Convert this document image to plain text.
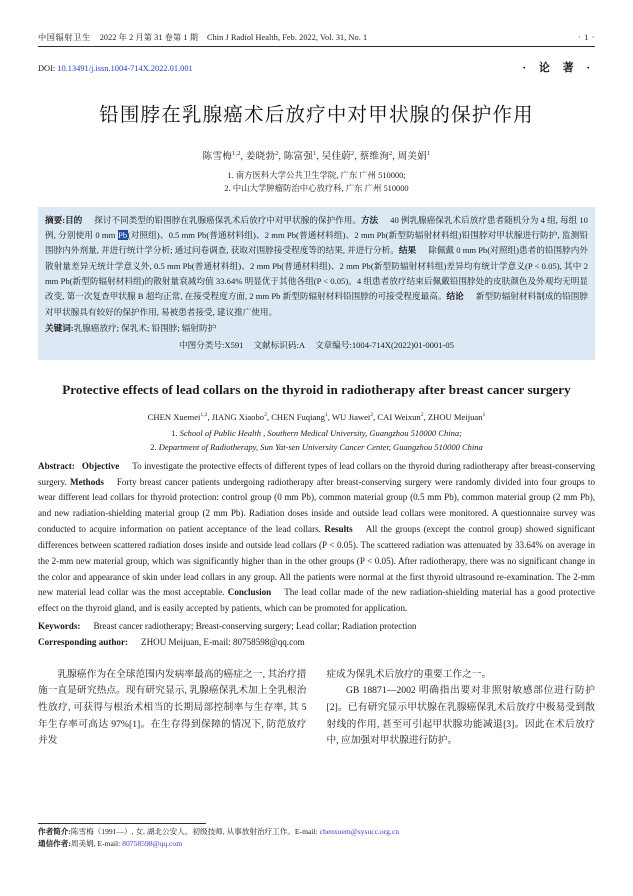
中国辐射卫生 2022 年 2 月第 31 卷第 1 期 Chin J Radiol Health, Feb. 2022, Vol. 31, No. 1	· 1 ·
DOI: 10.13491/j.issn.1004-714X.2022.01.001	· 论 著 ·
铅围脖在乳腺癌术后放疗中对甲状腺的保护作用
陈雪梅$^{1,2}$, 姜晓勃$^2$, 陈富强$^1$, 吴佳蔚$^2$, 蔡维洵$^2$, 周美娟$^1$
1. 南方医科大学公共卫生学院, 广东 广州 510000;
2. 中山大学肿瘤防治中心放疗科, 广东 广州 510000

摘要:目的 探讨不同类型的铅围脖在乳腺癌保乳术后放疗中对甲状腺的保护作用。方法 40 例乳腺癌保乳术后放疗患者随机分为 4 组, 每组 10 例, 分别使用 0 mm Pb(对照组)、0.5 mm Pb(普通材料组)、2 mm Pb(普通材料组)、2 mm Pb(新型防辐射材料组)铅围脖对甲状腺进行防护, 监测铅围脖内外剂量, 并进行统计学分析; 通过问卷调查, 获取对围脖接受程度等的结果, 并进行分析。结果 除佩戴 0 mm Pb(对照组)患者的铅围脖内外散射量差异无统计学意义外, 0.5 mm Pb(普通材料组)、2 mm Pb(普通材料组)、2 mm Pb(新型防辐射材料组)差异均有统计学意义(P < 0.05), 其中 2 mm Pb(新型防辐射材料组)的散射量衰减均值 33.64% 明显优于其他各组(P < 0.05)。4 组患者放疗结束后佩戴铅围脖处的皮肤颜色及外观均无明显改变, 第一次复查甲状腺 B 超均正常, 在接受程度方面, 2 mm Pb 新型防辐射材料铅围脖的可接受程度最高。结论 新型防辐射材料制成的铅围脖对甲状腺具有较好的保护作用, 易被患者接受, 建议推广使用。

关键词:乳腺癌放疗; 保乳术; 铅围脖; 辐射防护

中图分类号:X591 文献标识码:A 文章编号:1004-714X(2022)01-0001-05

Protective effects of lead collars on the thyroid in radiotherapy after breast cancer surgery
CHEN Xuemei$^{1,2}$, JIANG Xiaobo$^2$, CHEN Fuqiang$^1$, WU Jiawei$^2$, CAI Weixun$^2$, ZHOU Meijuan$^1$
1. School of Public Health , Southern Medical University, Guangzhou 510000 China;
2. Department of Radiotherapy, Sun Yat-sen University Cancer Center, Guangzhou 510000 China

Abstract: Objective To investigate the protective effects of different types of lead collars on the thyroid during radiotherapy after breast-conserving surgery. Methods Forty breast cancer patients undergoing radiotherapy after breast-conserving surgery were randomly divided into four groups to wear different lead collars for thyroid protection: control group (0 mm Pb), common material group (0.5 mm Pb), common material group (2 mm Pb), and new radiation-shielding material group (2 mm Pb). Radiation doses inside and outside lead collars were monitored. A questionnaire survey was conducted to acquire information on patient acceptance of the lead collars. Results All the groups (except the control group) showed significant differences between scattered radiation doses inside and outside lead collars (P < 0.05). The scattered radiation was attenuated by 33.64% on average in the 2-mm new material group, which was significantly higher than in the other groups (P < 0.05). After radiotherapy, there was no significant change in the color and appearance of skin under lead collars in any group. All the patients were normal at the first thyroid ultrasound re-examination. The 2-mm new material lead collar was the most acceptable. Conclusion The lead collar made of the new radiation-shielding material has a good protective effect on the thyroid gland, and is easily accepted by patients, which can be promoted for application.

Keywords: Breast cancer radiotherapy; Breast-conserving surgery; Lead collar; Radiation protection

Corresponding author: ZHOU Meijuan, E-mail: 80758598@qq.com

乳腺癌作为在全球范围内发病率最高的癌症之一, 其治疗措施一直是研究热点。现有研究显示, 乳腺癌保乳术加上全乳根治性放疗, 可获得与根治术相当的长期局部控制率与生存率, 其 5 年生存率可高达 97%[1]。在生存得到保障的情况下, 防范放疗并发

症成为保乳术后放疗的重要工作之一。

GB 18871—2002 明确指出要对非照射敏感部位进行防护[2]。已有研究显示甲状腺在乳腺癌保乳术后放疗中极易受到散射线的作用, 甚至可引起甲状腺功能减退[3]。因此在术后放疗中, 应加强对甲状腺进行防护。

作者简介:陈雪梅（1991—）, 女, 湖北公安人。初级技师, 从事放射治疗工作。E-mail: chenxuem@sysucc.org.cn

通信作者:周美娟, E-mail: 80758598@qq.com
